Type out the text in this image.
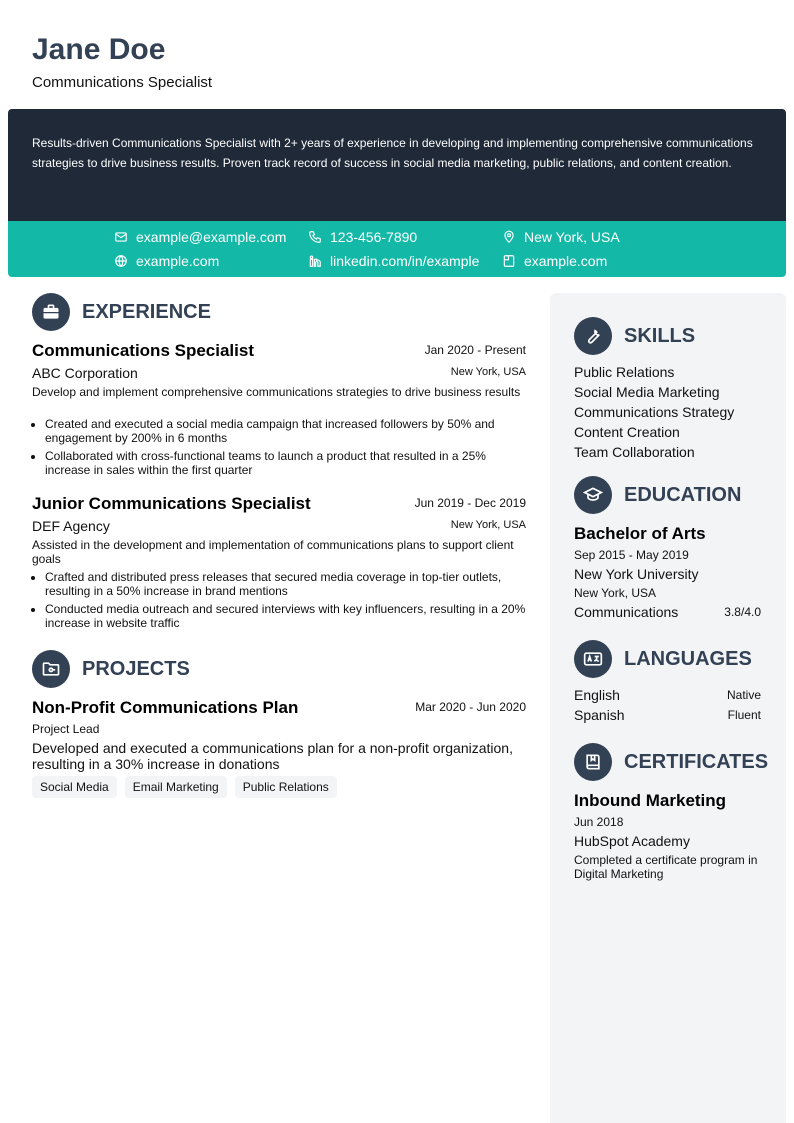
Jane Doe
Communications Specialist
Results-driven Communications Specialist with 2+ years of experience in developing and implementing comprehensive communications strategies to drive business results. Proven track record of success in social media marketing, public relations, and content creation.
example@example.com	123-456-7890	New York, USA
example.com	linkedin.com/in/example	example.com
EXPERIENCE
Communications Specialist	Jan 2020 - Present
ABC Corporation	New York, USA
Develop and implement comprehensive communications strategies to drive business results
• Created and executed a social media campaign that increased followers by 50% and engagement by 200% in 6 months
• Collaborated with cross-functional teams to launch a product that resulted in a 25% increase in sales within the first quarter
Junior Communications Specialist	Jun 2019 - Dec 2019
DEF Agency	New York, USA
Assisted in the development and implementation of communications plans to support client goals
• Crafted and distributed press releases that secured media coverage in top-tier outlets, resulting in a 50% increase in brand mentions
• Conducted media outreach and secured interviews with key influencers, resulting in a 20% increase in website traffic
PROJECTS
Non-Profit Communications Plan	Mar 2020 - Jun 2020
Project Lead
Developed and executed a communications plan for a non-profit organization, resulting in a 30% increase in donations
Social Media Email Marketing Public Relations
SKILLS
Public Relations
Social Media Marketing
Communications Strategy
Content Creation
Team Collaboration
EDUCATION
Bachelor of Arts
Sep 2015 - May 2019
New York University
New York, USA
Communications	3.8/4.0
LANGUAGES
English	Native
Spanish	Fluent
CERTIFICATES
Inbound Marketing
Jun 2018
HubSpot Academy
Completed a certificate program in Digital Marketing
